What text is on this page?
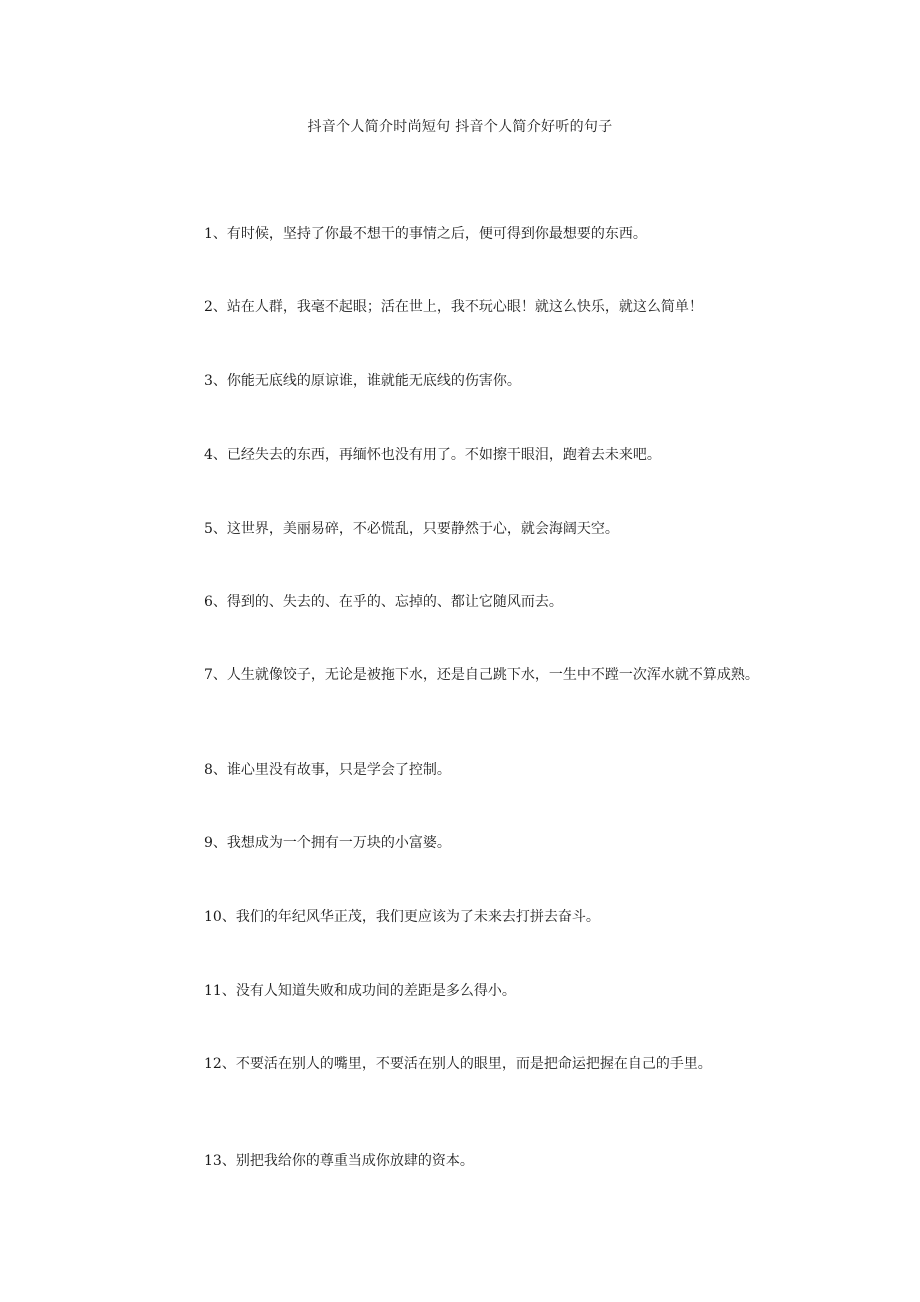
抖音个人简介时尚短句 抖音个人简介好听的句子

1、有时候，坚持了你最不想干的事情之后，便可得到你最想要的东西。

2、站在人群，我毫不起眼；活在世上，我不玩心眼！就这么快乐，就这么简单！

3、你能无底线的原谅谁，谁就能无底线的伤害你。

4、已经失去的东西，再缅怀也没有用了。不如擦干眼泪，跑着去未来吧。

5、这世界，美丽易碎，不必慌乱，只要静然于心，就会海阔天空。

6、得到的、失去的、在乎的、忘掉的、都让它随风而去。

7、人生就像饺子，无论是被拖下水，还是自己跳下水，一生中不蹚一次浑水就不算成熟。

8、谁心里没有故事，只是学会了控制。

9、我想成为一个拥有一万块的小富婆。

10、我们的年纪风华正茂，我们更应该为了未来去打拼去奋斗。

11、没有人知道失败和成功间的差距是多么得小。

12、不要活在别人的嘴里，不要活在别人的眼里，而是把命运把握在自己的手里。

13、别把我给你的尊重当成你放肆的资本。
